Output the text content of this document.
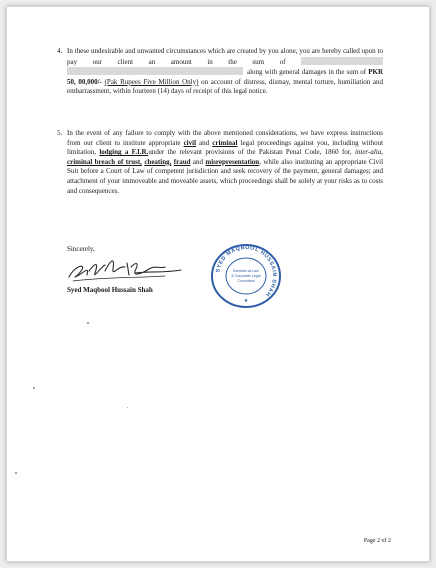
4. In these undesirable and unwanted circumstances which are created by you alone, you are hereby called upon to pay our client an amount in the sum of  along with general damages in the sum of PKR 50, 00,000/- (Pak Rupees Five Million Only) on account of distress, dismay, mental torture, humiliation and embarrassment, within fourteen (14) days of receipt of this legal notice.
5. In the event of any failure to comply with the above mentioned considerations, we have express instructions from our client to institute appropriate civil and criminal legal proceedings against you, including without limitation, lodging a F.I.R.under the relevant provisions of the Pakistan Penal Code, 1860 for, inter-alia, criminal breach of trust, cheating, fraud and misrepresentation, while also instituting an appropriate Civil Suit before a Court of Law of competent jurisdiction and seek recovery of the payment, general damages; and attachment of your immoveable and moveable assets, which proceedings shall be solely at your risks as to costs and consequences.
Sincerely,
Syed Maqbool Hussain Shah
SYED MAQBOOL HUSSAIN SHAH
Barrister-at-Law
& Corporate Legal
Consultant
★
Page 2 of 2
